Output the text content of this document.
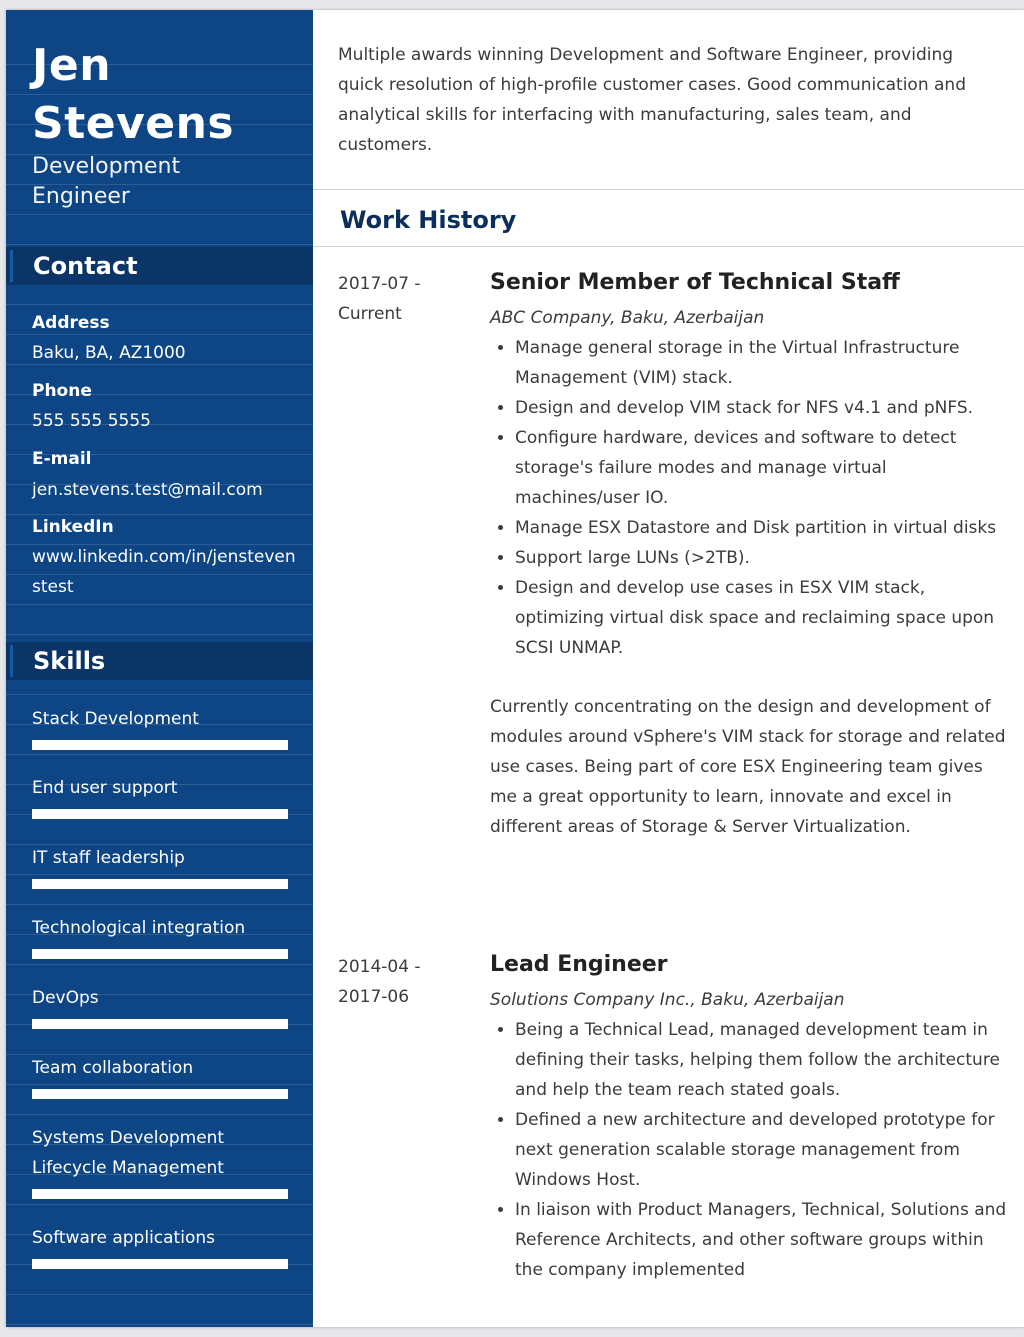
Jen
Stevens
Development
Engineer
Contact
Address
Baku, BA, AZ1000
Phone
555 555 5555
E-mail
jen.stevens.test@mail.com
LinkedIn
www.linkedin.com/in/jenstevenstest
Skills
Stack Development
End user support
IT staff leadership
Technological integration
DevOps
Team collaboration
Systems Development Lifecycle Management
Software applications
Multiple awards winning Development and Software Engineer, providing quick resolution of high-profile customer cases. Good communication and analytical skills for interfacing with manufacturing, sales team, and customers.
Work History
2017-07 -
Current
Senior Member of Technical Staff
ABC Company, Baku, Azerbaijan
• Manage general storage in the Virtual Infrastructure Management (VIM) stack.
• Design and develop VIM stack for NFS v4.1 and pNFS.
• Configure hardware, devices and software to detect storage's failure modes and manage virtual machines/user IO.
• Manage ESX Datastore and Disk partition in virtual disks
• Support large LUNs (>2TB).
• Design and develop use cases in ESX VIM stack, optimizing virtual disk space and reclaiming space upon SCSI UNMAP.
Currently concentrating on the design and development of modules around vSphere's VIM stack for storage and related use cases. Being part of core ESX Engineering team gives me a great opportunity to learn, innovate and excel in different areas of Storage & Server Virtualization.
2014-04 -
2017-06
Lead Engineer
Solutions Company Inc., Baku, Azerbaijan
• Being a Technical Lead, managed development team in defining their tasks, helping them follow the architecture and help the team reach stated goals.
• Defined a new architecture and developed prototype for next generation scalable storage management from Windows Host.
• In liaison with Product Managers, Technical, Solutions and Reference Architects, and other software groups within the company implemented
